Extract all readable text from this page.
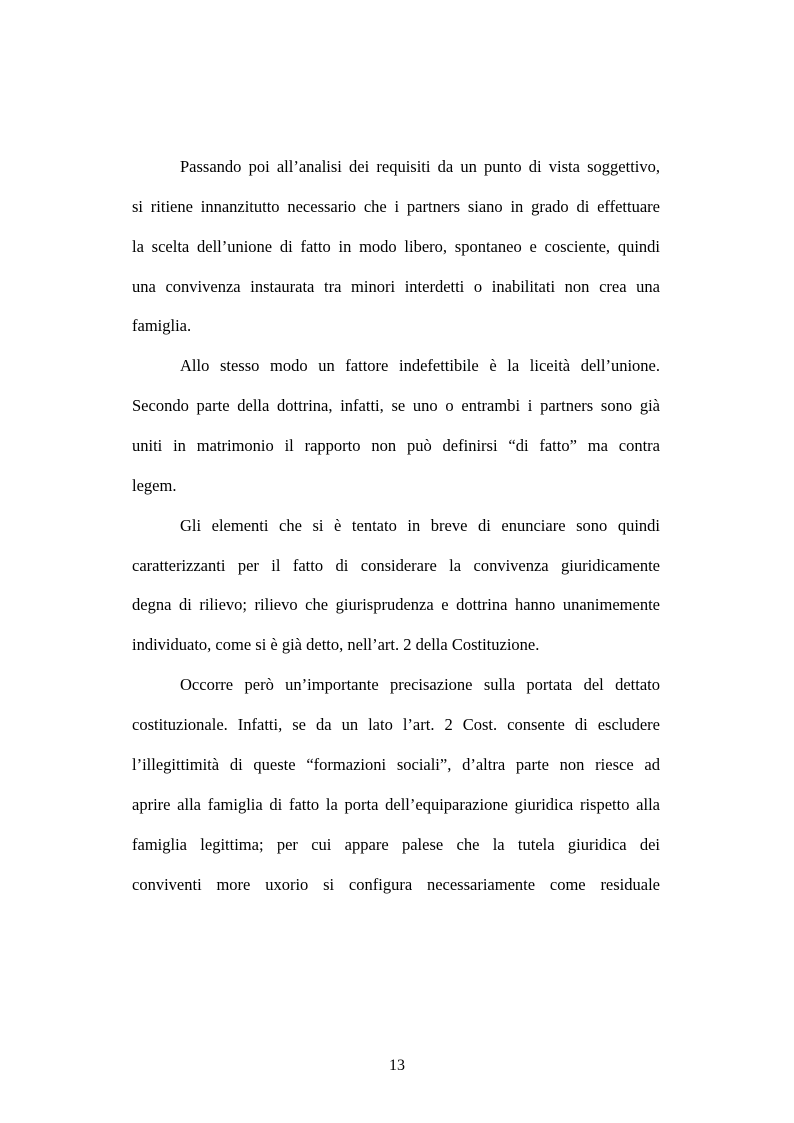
Passando poi all’analisi dei requisiti da un punto di vista soggettivo,
si ritiene innanzitutto necessario che i partners siano in grado di effettuare
la scelta dell’unione di fatto in modo libero, spontaneo e cosciente, quindi
una convivenza instaurata tra minori interdetti o inabilitati non crea una
famiglia.
Allo stesso modo un fattore indefettibile è la liceità dell’unione.
Secondo parte della dottrina, infatti, se uno o entrambi i partners sono già
uniti in matrimonio il rapporto non può definirsi “di fatto” ma contra
legem.
Gli elementi che si è tentato in breve di enunciare sono quindi
caratterizzanti per il fatto di considerare la convivenza giuridicamente
degna di rilievo; rilievo che giurisprudenza e dottrina hanno unanimemente
individuato, come si è già detto, nell’art. 2 della Costituzione.
Occorre però un’importante precisazione sulla portata del dettato
costituzionale. Infatti, se da un lato l’art. 2 Cost. consente di escludere
l’illegittimità di queste “formazioni sociali”, d’altra parte non riesce ad
aprire alla famiglia di fatto la porta dell’equiparazione giuridica rispetto alla
famiglia legittima; per cui appare palese che la tutela giuridica dei
conviventi more uxorio si configura necessariamente come residuale
13
